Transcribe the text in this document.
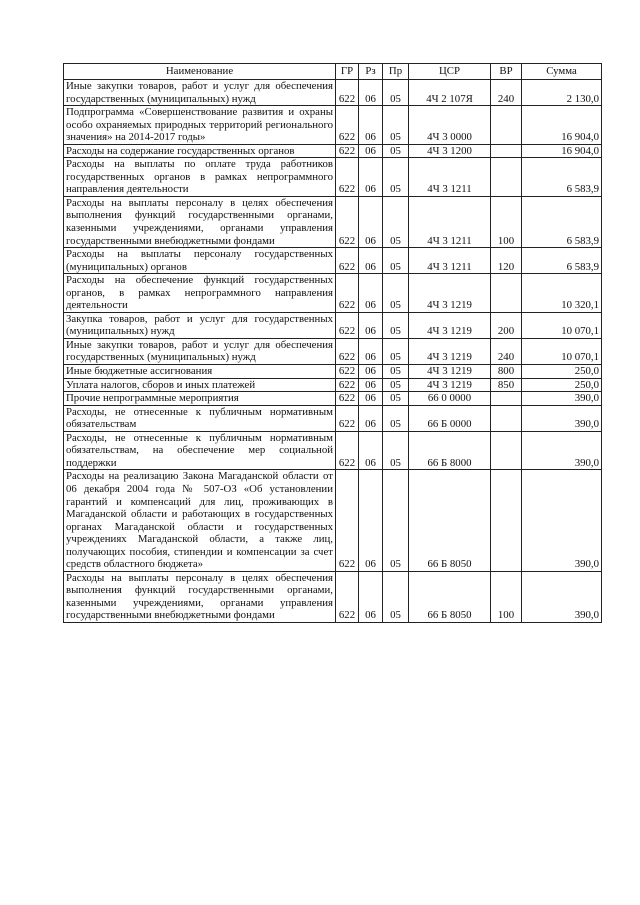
Наименование	ГР	Рз	Пр	ЦСР	ВР	Сумма
Иные закупки товаров, работ и услуг для обеспечения государственных (муниципальных) нужд	622	06	05	4Ч 2 107Я	240	2 130,0
Подпрограмма «Совершенствование развития и охраны особо охраняемых природных территорий регионального значения» на 2014-2017 годы»	622	06	05	4Ч 3 0000		16 904,0
Расходы на содержание государственных органов	622	06	05	4Ч 3 1200		16 904,0
Расходы на выплаты по оплате труда работников государственных органов в рамках непрограммного направления деятельности	622	06	05	4Ч 3 1211		6 583,9
Расходы на выплаты персоналу в целях обеспечения выполнения функций государственными органами, казенными учреждениями, органами управления государственными внебюджетными фондами	622	06	05	4Ч 3 1211	100	6 583,9
Расходы на выплаты персоналу государственных (муниципальных) органов	622	06	05	4Ч 3 1211	120	6 583,9
Расходы на обеспечение функций государственных органов, в рамках непрограммного направления деятельности	622	06	05	4Ч 3 1219		10 320,1
Закупка товаров, работ и услуг для государственных (муниципальных) нужд	622	06	05	4Ч 3 1219	200	10 070,1
Иные закупки товаров, работ и услуг для обеспечения государственных (муниципальных) нужд	622	06	05	4Ч 3 1219	240	10 070,1
Иные бюджетные ассигнования	622	06	05	4Ч 3 1219	800	250,0
Уплата налогов, сборов и иных платежей	622	06	05	4Ч 3 1219	850	250,0
Прочие непрограммные мероприятия	622	06	05	66 0 0000		390,0
Расходы, не отнесенные к публичным нормативным обязательствам	622	06	05	66 Б 0000		390,0
Расходы, не отнесенные к публичным нормативным обязательствам, на обеспечение мер социальной поддержки	622	06	05	66 Б 8000		390,0
Расходы на реализацию Закона Магаданской области от 06 декабря 2004 года № 507-ОЗ «Об установлении гарантий и компенсаций для лиц, проживающих в Магаданской области и работающих в государственных органах Магаданской области и государственных учреждениях Магаданской области, а также лиц, получающих пособия, стипендии и компенсации за счет средств областного бюджета»	622	06	05	66 Б 8050		390,0
Расходы на выплаты персоналу в целях обеспечения выполнения функций государственными органами, казенными учреждениями, органами управления государственными внебюджетными фондами	622	06	05	66 Б 8050	100	390,0
